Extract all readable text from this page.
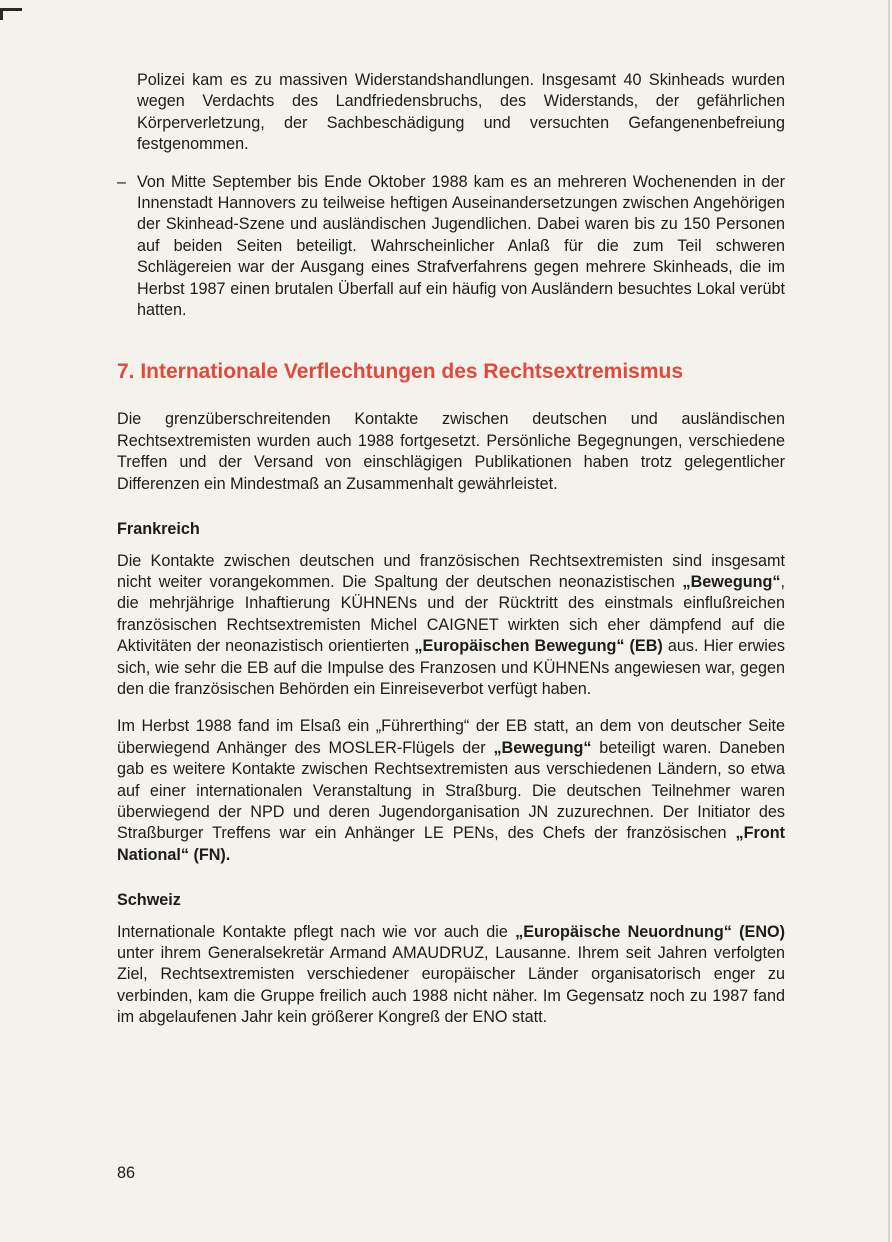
Polizei kam es zu massiven Widerstandshandlungen. Insgesamt 40 Skinheads wurden wegen Verdachts des Landfriedensbruchs, des Widerstands, der gefährlichen Körperverletzung, der Sachbeschädigung und versuchten Gefangenenbefreiung festgenommen.

– Von Mitte September bis Ende Oktober 1988 kam es an mehreren Wochenenden in der Innenstadt Hannovers zu teilweise heftigen Auseinandersetzungen zwischen Angehörigen der Skinhead-Szene und ausländischen Jugendlichen. Dabei waren bis zu 150 Personen auf beiden Seiten beteiligt. Wahrscheinlicher Anlaß für die zum Teil schweren Schlägereien war der Ausgang eines Strafverfahrens gegen mehrere Skinheads, die im Herbst 1987 einen brutalen Überfall auf ein häufig von Ausländern besuchtes Lokal verübt hatten.
7. Internationale Verflechtungen des Rechtsextremismus

Die grenzüberschreitenden Kontakte zwischen deutschen und ausländischen Rechtsextremisten wurden auch 1988 fortgesetzt. Persönliche Begegnungen, verschiedene Treffen und der Versand von einschlägigen Publikationen haben trotz gelegentlicher Differenzen ein Mindestmaß an Zusammenhalt gewährleistet.

Frankreich

Die Kontakte zwischen deutschen und französischen Rechtsextremisten sind insgesamt nicht weiter vorangekommen. Die Spaltung der deutschen neonazistischen „Bewegung“, die mehrjährige Inhaftierung KÜHNENs und der Rücktritt des einstmals einflußreichen französischen Rechtsextremisten Michel CAIGNET wirkten sich eher dämpfend auf die Aktivitäten der neonazistisch orientierten „Europäischen Bewegung“ (EB) aus. Hier erwies sich, wie sehr die EB auf die Impulse des Franzosen und KÜHNENs angewiesen war, gegen den die französischen Behörden ein Einreiseverbot verfügt haben.

Im Herbst 1988 fand im Elsaß ein „Führerthing“ der EB statt, an dem von deutscher Seite überwiegend Anhänger des MOSLER-Flügels der „Bewegung“ beteiligt waren. Daneben gab es weitere Kontakte zwischen Rechtsextremisten aus verschiedenen Ländern, so etwa auf einer internationalen Veranstaltung in Straßburg. Die deutschen Teilnehmer waren überwiegend der NPD und deren Jugendorganisation JN zuzurechnen. Der Initiator des Straßburger Treffens war ein Anhänger LE PENs, des Chefs der französischen „Front National“ (FN).

Schweiz

Internationale Kontakte pflegt nach wie vor auch die „Europäische Neuordnung“ (ENO) unter ihrem Generalsekretär Armand AMAUDRUZ, Lausanne. Ihrem seit Jahren verfolgten Ziel, Rechtsextremisten verschiedener europäischer Länder organisatorisch enger zu verbinden, kam die Gruppe freilich auch 1988 nicht näher. Im Gegensatz noch zu 1987 fand im abgelaufenen Jahr kein größerer Kongreß der ENO statt.

86
